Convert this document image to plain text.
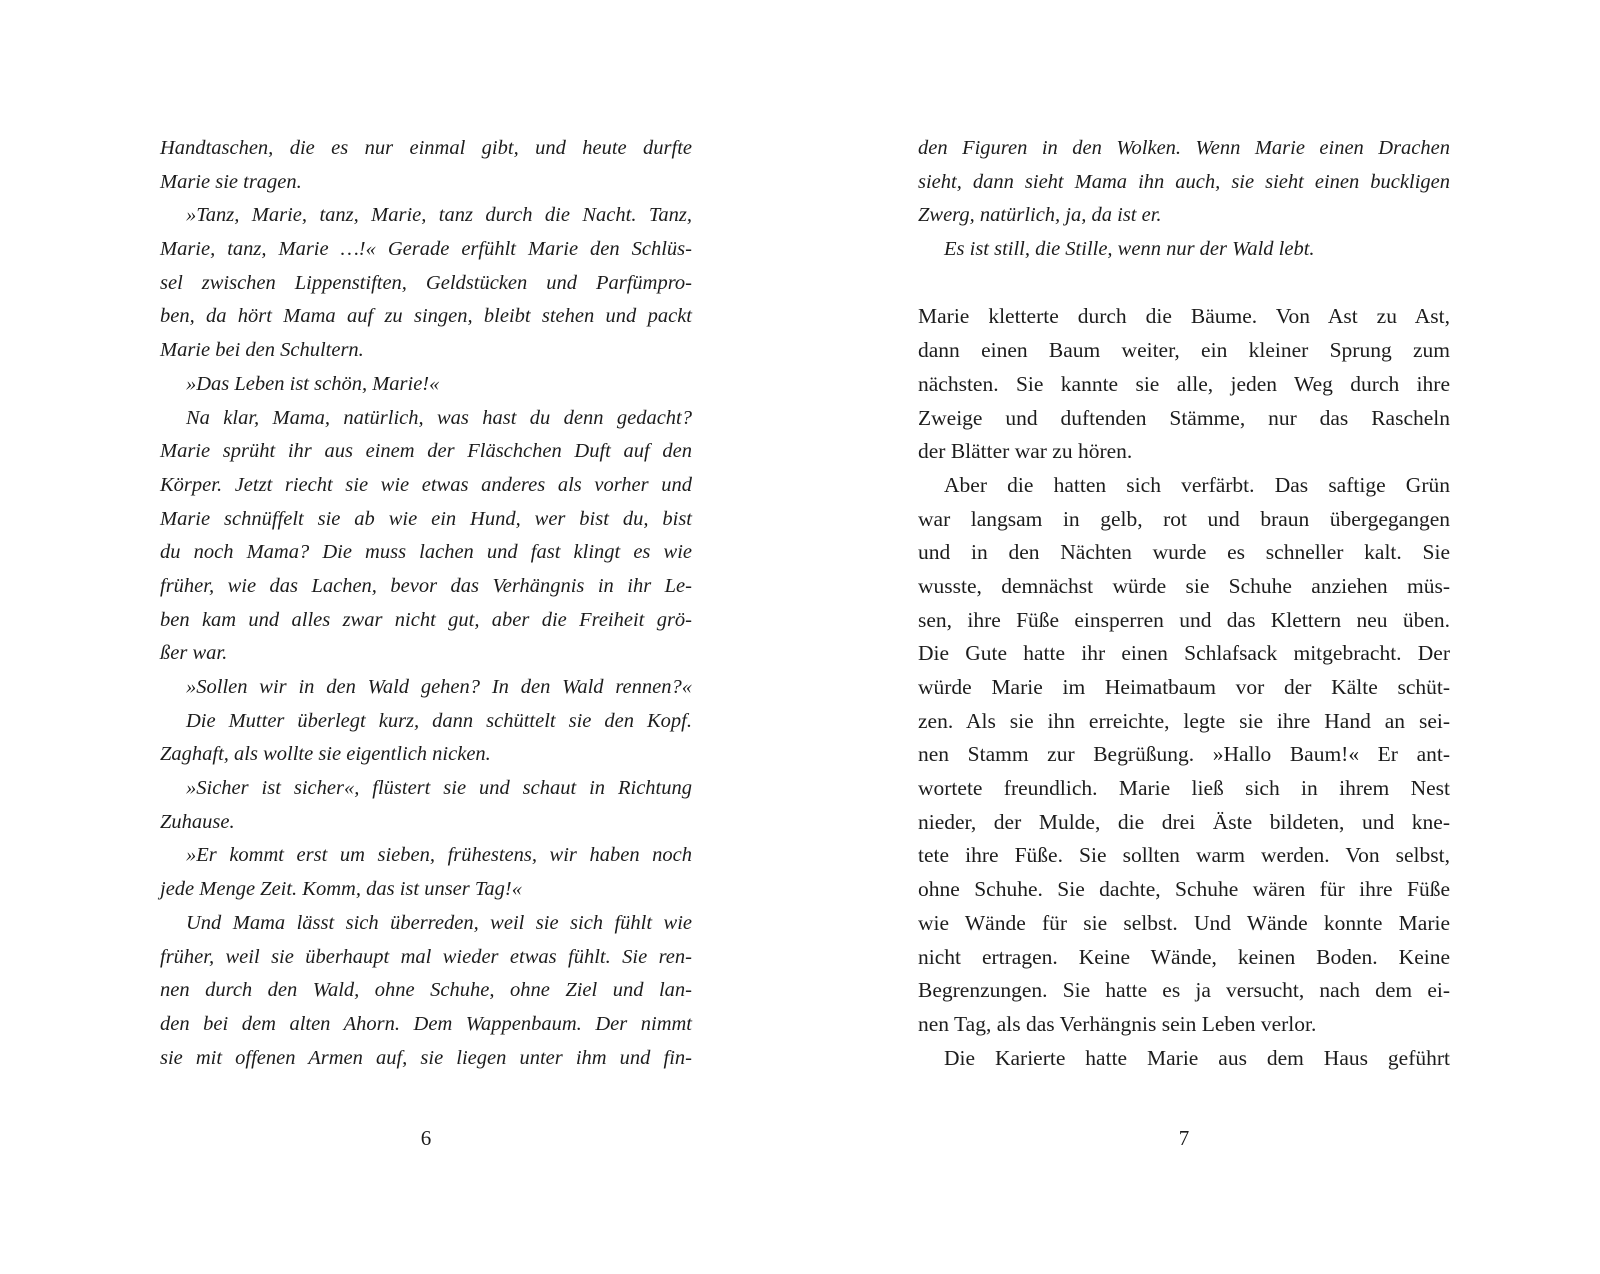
Handtaschen, die es nur einmal gibt, und heute durfte
Marie sie tragen.
»Tanz, Marie, tanz, Marie, tanz durch die Nacht. Tanz,
Marie, tanz, Marie …!« Gerade erfühlt Marie den Schlüs-
sel zwischen Lippenstiften, Geldstücken und Parfümpro-
ben, da hört Mama auf zu singen, bleibt stehen und packt
Marie bei den Schultern.
»Das Leben ist schön, Marie!«
Na klar, Mama, natürlich, was hast du denn gedacht?
Marie sprüht ihr aus einem der Fläschchen Duft auf den
Körper. Jetzt riecht sie wie etwas anderes als vorher und
Marie schnüffelt sie ab wie ein Hund, wer bist du, bist
du noch Mama? Die muss lachen und fast klingt es wie
früher, wie das Lachen, bevor das Verhängnis in ihr Le-
ben kam und alles zwar nicht gut, aber die Freiheit grö-
ßer war.
»Sollen wir in den Wald gehen? In den Wald rennen?«
Die Mutter überlegt kurz, dann schüttelt sie den Kopf.
Zaghaft, als wollte sie eigentlich nicken.
»Sicher ist sicher«, flüstert sie und schaut in Richtung
Zuhause.
»Er kommt erst um sieben, frühestens, wir haben noch
jede Menge Zeit. Komm, das ist unser Tag!«
Und Mama lässt sich überreden, weil sie sich fühlt wie
früher, weil sie überhaupt mal wieder etwas fühlt. Sie ren-
nen durch den Wald, ohne Schuhe, ohne Ziel und lan-
den bei dem alten Ahorn. Dem Wappenbaum. Der nimmt
sie mit offenen Armen auf, sie liegen unter ihm und fin-
den Figuren in den Wolken. Wenn Marie einen Drachen
sieht, dann sieht Mama ihn auch, sie sieht einen buckligen
Zwerg, natürlich, ja, da ist er.
Es ist still, die Stille, wenn nur der Wald lebt.
Marie kletterte durch die Bäume. Von Ast zu Ast,
dann einen Baum weiter, ein kleiner Sprung zum
nächsten. Sie kannte sie alle, jeden Weg durch ihre
Zweige und duftenden Stämme, nur das Rascheln
der Blätter war zu hören.
Aber die hatten sich verfärbt. Das saftige Grün
war langsam in gelb, rot und braun übergegangen
und in den Nächten wurde es schneller kalt. Sie
wusste, demnächst würde sie Schuhe anziehen müs-
sen, ihre Füße einsperren und das Klettern neu üben.
Die Gute hatte ihr einen Schlafsack mitgebracht. Der
würde Marie im Heimatbaum vor der Kälte schüt-
zen. Als sie ihn erreichte, legte sie ihre Hand an sei-
nen Stamm zur Begrüßung. »Hallo Baum!« Er ant-
wortete freundlich. Marie ließ sich in ihrem Nest
nieder, der Mulde, die drei Äste bildeten, und kne-
tete ihre Füße. Sie sollten warm werden. Von selbst,
ohne Schuhe. Sie dachte, Schuhe wären für ihre Füße
wie Wände für sie selbst. Und Wände konnte Marie
nicht ertragen. Keine Wände, keinen Boden. Keine
Begrenzungen. Sie hatte es ja versucht, nach dem ei-
nen Tag, als das Verhängnis sein Leben verlor.
Die Karierte hatte Marie aus dem Haus geführt
6	7
